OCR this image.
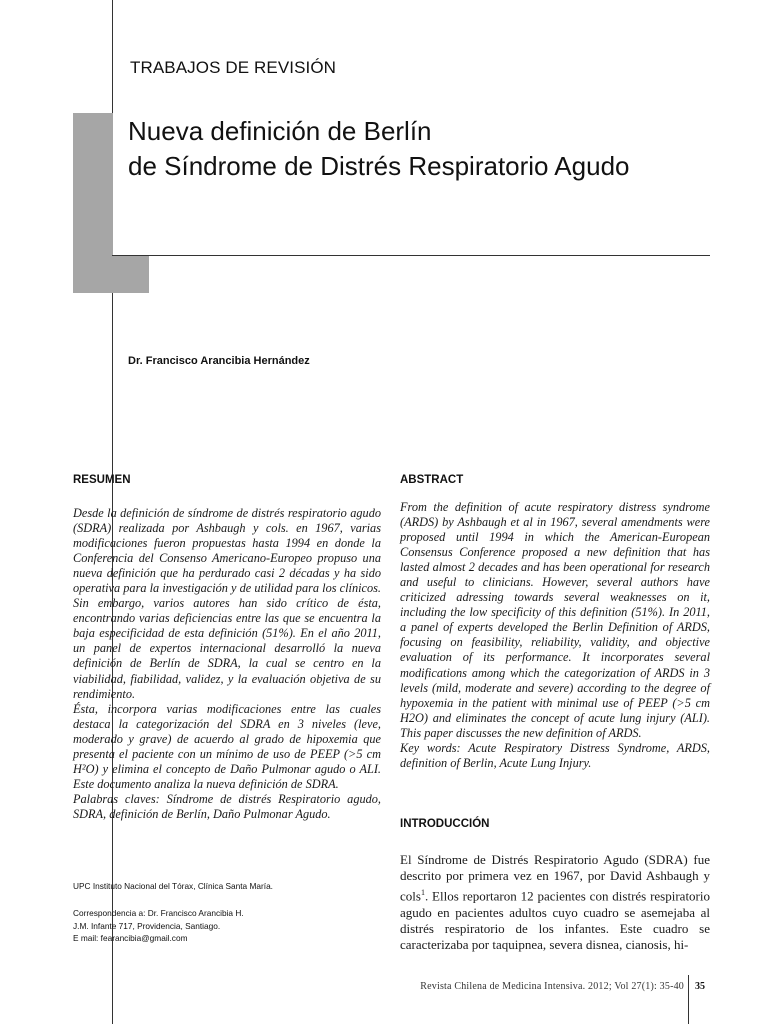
TRABAJOS DE REVISIÓN
Nueva definición de Berlín
de Síndrome de Distrés Respiratorio Agudo
Dr. Francisco Arancibia Hernández
RESUMEN

Desde la definición de síndrome de distrés respiratorio agudo (SDRA) realizada por Ashbaugh y cols. en 1967, varias modificaciones fueron propuestas hasta 1994 en donde la Conferencia del Consenso Americano-Europeo propuso una nueva definición que ha perdurado casi 2 décadas y ha sido operativa para la investigación y de utilidad para los clínicos. Sin embargo, varios autores han sido crítico de ésta, encontrando varias deficiencias entre las que se encuentra la baja especificidad de esta definición (51%). En el año 2011, un panel de expertos internacional desarrolló la nueva definición de Berlín de SDRA, la cual se centro en la viabilidad, fiabilidad, validez, y la evaluación objetiva de su rendimiento.

Ésta, incorpora varias modificaciones entre las cuales destaca la categorización del SDRA en 3 niveles (leve, moderado y grave) de acuerdo al grado de hipoxemia que presenta el paciente con un mínimo de uso de PEEP (>5 cm H²O) y elimina el concepto de Daño Pulmonar agudo o ALI. Este documento analiza la nueva definición de SDRA.

Palabras claves: Síndrome de distrés Respiratorio agudo, SDRA, definición de Berlín, Daño Pulmonar Agudo.

ABSTRACT

From the definition of acute respiratory distress syndrome (ARDS) by Ashbaugh et al in 1967, several amendments were proposed until 1994 in which the American-European Consensus Conference proposed a new definition that has lasted almost 2 decades and has been operational for research and useful to clinicians. However, several authors have criticized adressing towards several weaknesses on it, including the low specificity of this definition (51%). In 2011, a panel of experts developed the Berlin Definition of ARDS, focusing on feasibility, reliability, validity, and objective evaluation of its performance. It incorporates several modifications among which the categorization of ARDS in 3 levels (mild, moderate and severe) according to the degree of hypoxemia in the patient with minimal use of PEEP (>5 cm H2O) and eliminates the concept of acute lung injury (ALI). This paper discusses the new definition of ARDS.

Key words: Acute Respiratory Distress Syndrome, ARDS, definition of Berlin, Acute Lung Injury.

INTRODUCCIÓN
El Síndrome de Distrés Respiratorio Agudo (SDRA) fue descrito por primera vez en 1967, por David Ashbaugh y cols$^1$. Ellos reportaron 12 pacientes con distrés respiratorio agudo en pacientes adultos cuyo cuadro se asemejaba al distrés respiratorio de los infantes. Este cuadro se caracterizaba por taquipnea, severa disnea, cianosis, hi-
UPC Instituto Nacional del Tórax, Clínica Santa María.
Correspondencia a: Dr. Francisco Arancibia H.
J.M. Infante 717, Providencia, Santiago.
E mail: fearancibia@gmail.com
Revista Chilena de Medicina Intensiva. 2012; Vol 27(1): 35-40 35
